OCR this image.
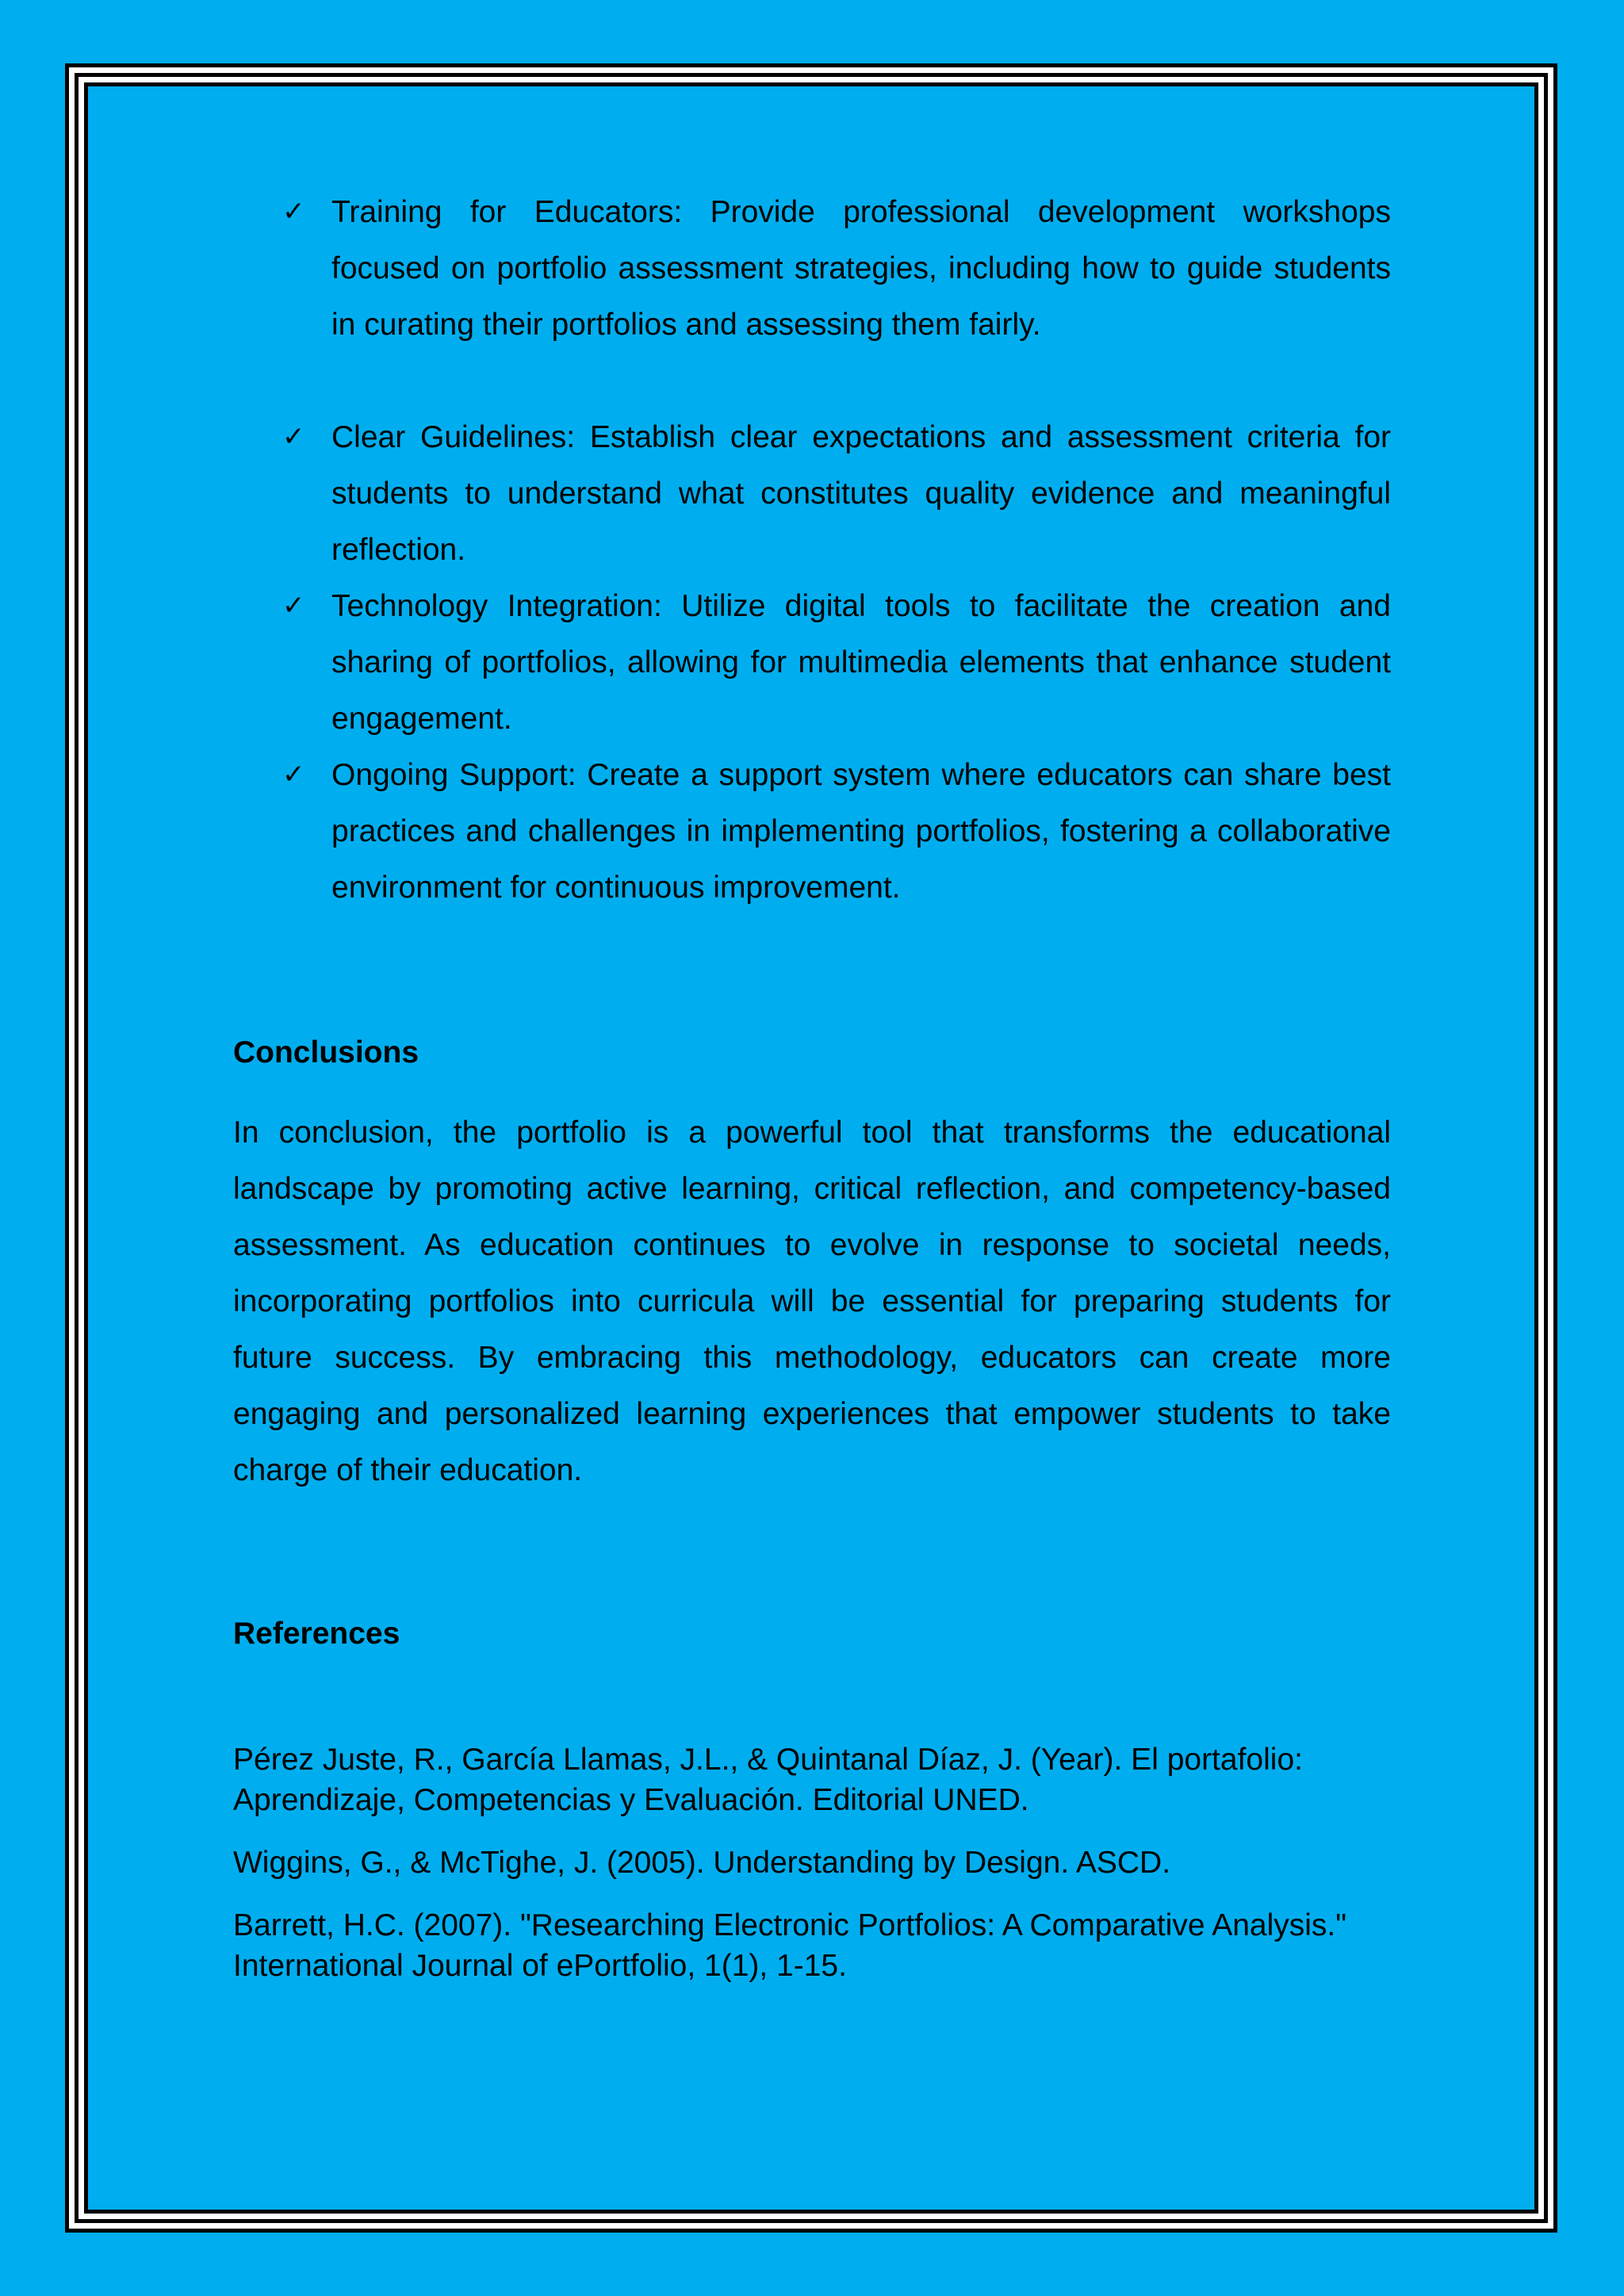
✓ Training for Educators: Provide professional development workshops focused on portfolio assessment strategies, including how to guide students in curating their portfolios and assessing them fairly.
✓ Clear Guidelines: Establish clear expectations and assessment criteria for students to understand what constitutes quality evidence and meaningful reflection.
✓ Technology Integration: Utilize digital tools to facilitate the creation and sharing of portfolios, allowing for multimedia elements that enhance student engagement.
✓ Ongoing Support: Create a support system where educators can share best practices and challenges in implementing portfolios, fostering a collaborative environment for continuous improvement.
Conclusions

In conclusion, the portfolio is a powerful tool that transforms the educational landscape by promoting active learning, critical reflection, and competency-based assessment. As education continues to evolve in response to societal needs, incorporating portfolios into curricula will be essential for preparing students for future success. By embracing this methodology, educators can create more engaging and personalized learning experiences that empower students to take charge of their education.

References

Pérez Juste, R., García Llamas, J.L., & Quintanal Díaz, J. (Year). El portafolio: Aprendizaje, Competencias y Evaluación. Editorial UNED.

Wiggins, G., & McTighe, J. (2005). Understanding by Design. ASCD.

Barrett, H.C. (2007). "Researching Electronic Portfolios: A Comparative Analysis." International Journal of ePortfolio, 1(1), 1-15.
